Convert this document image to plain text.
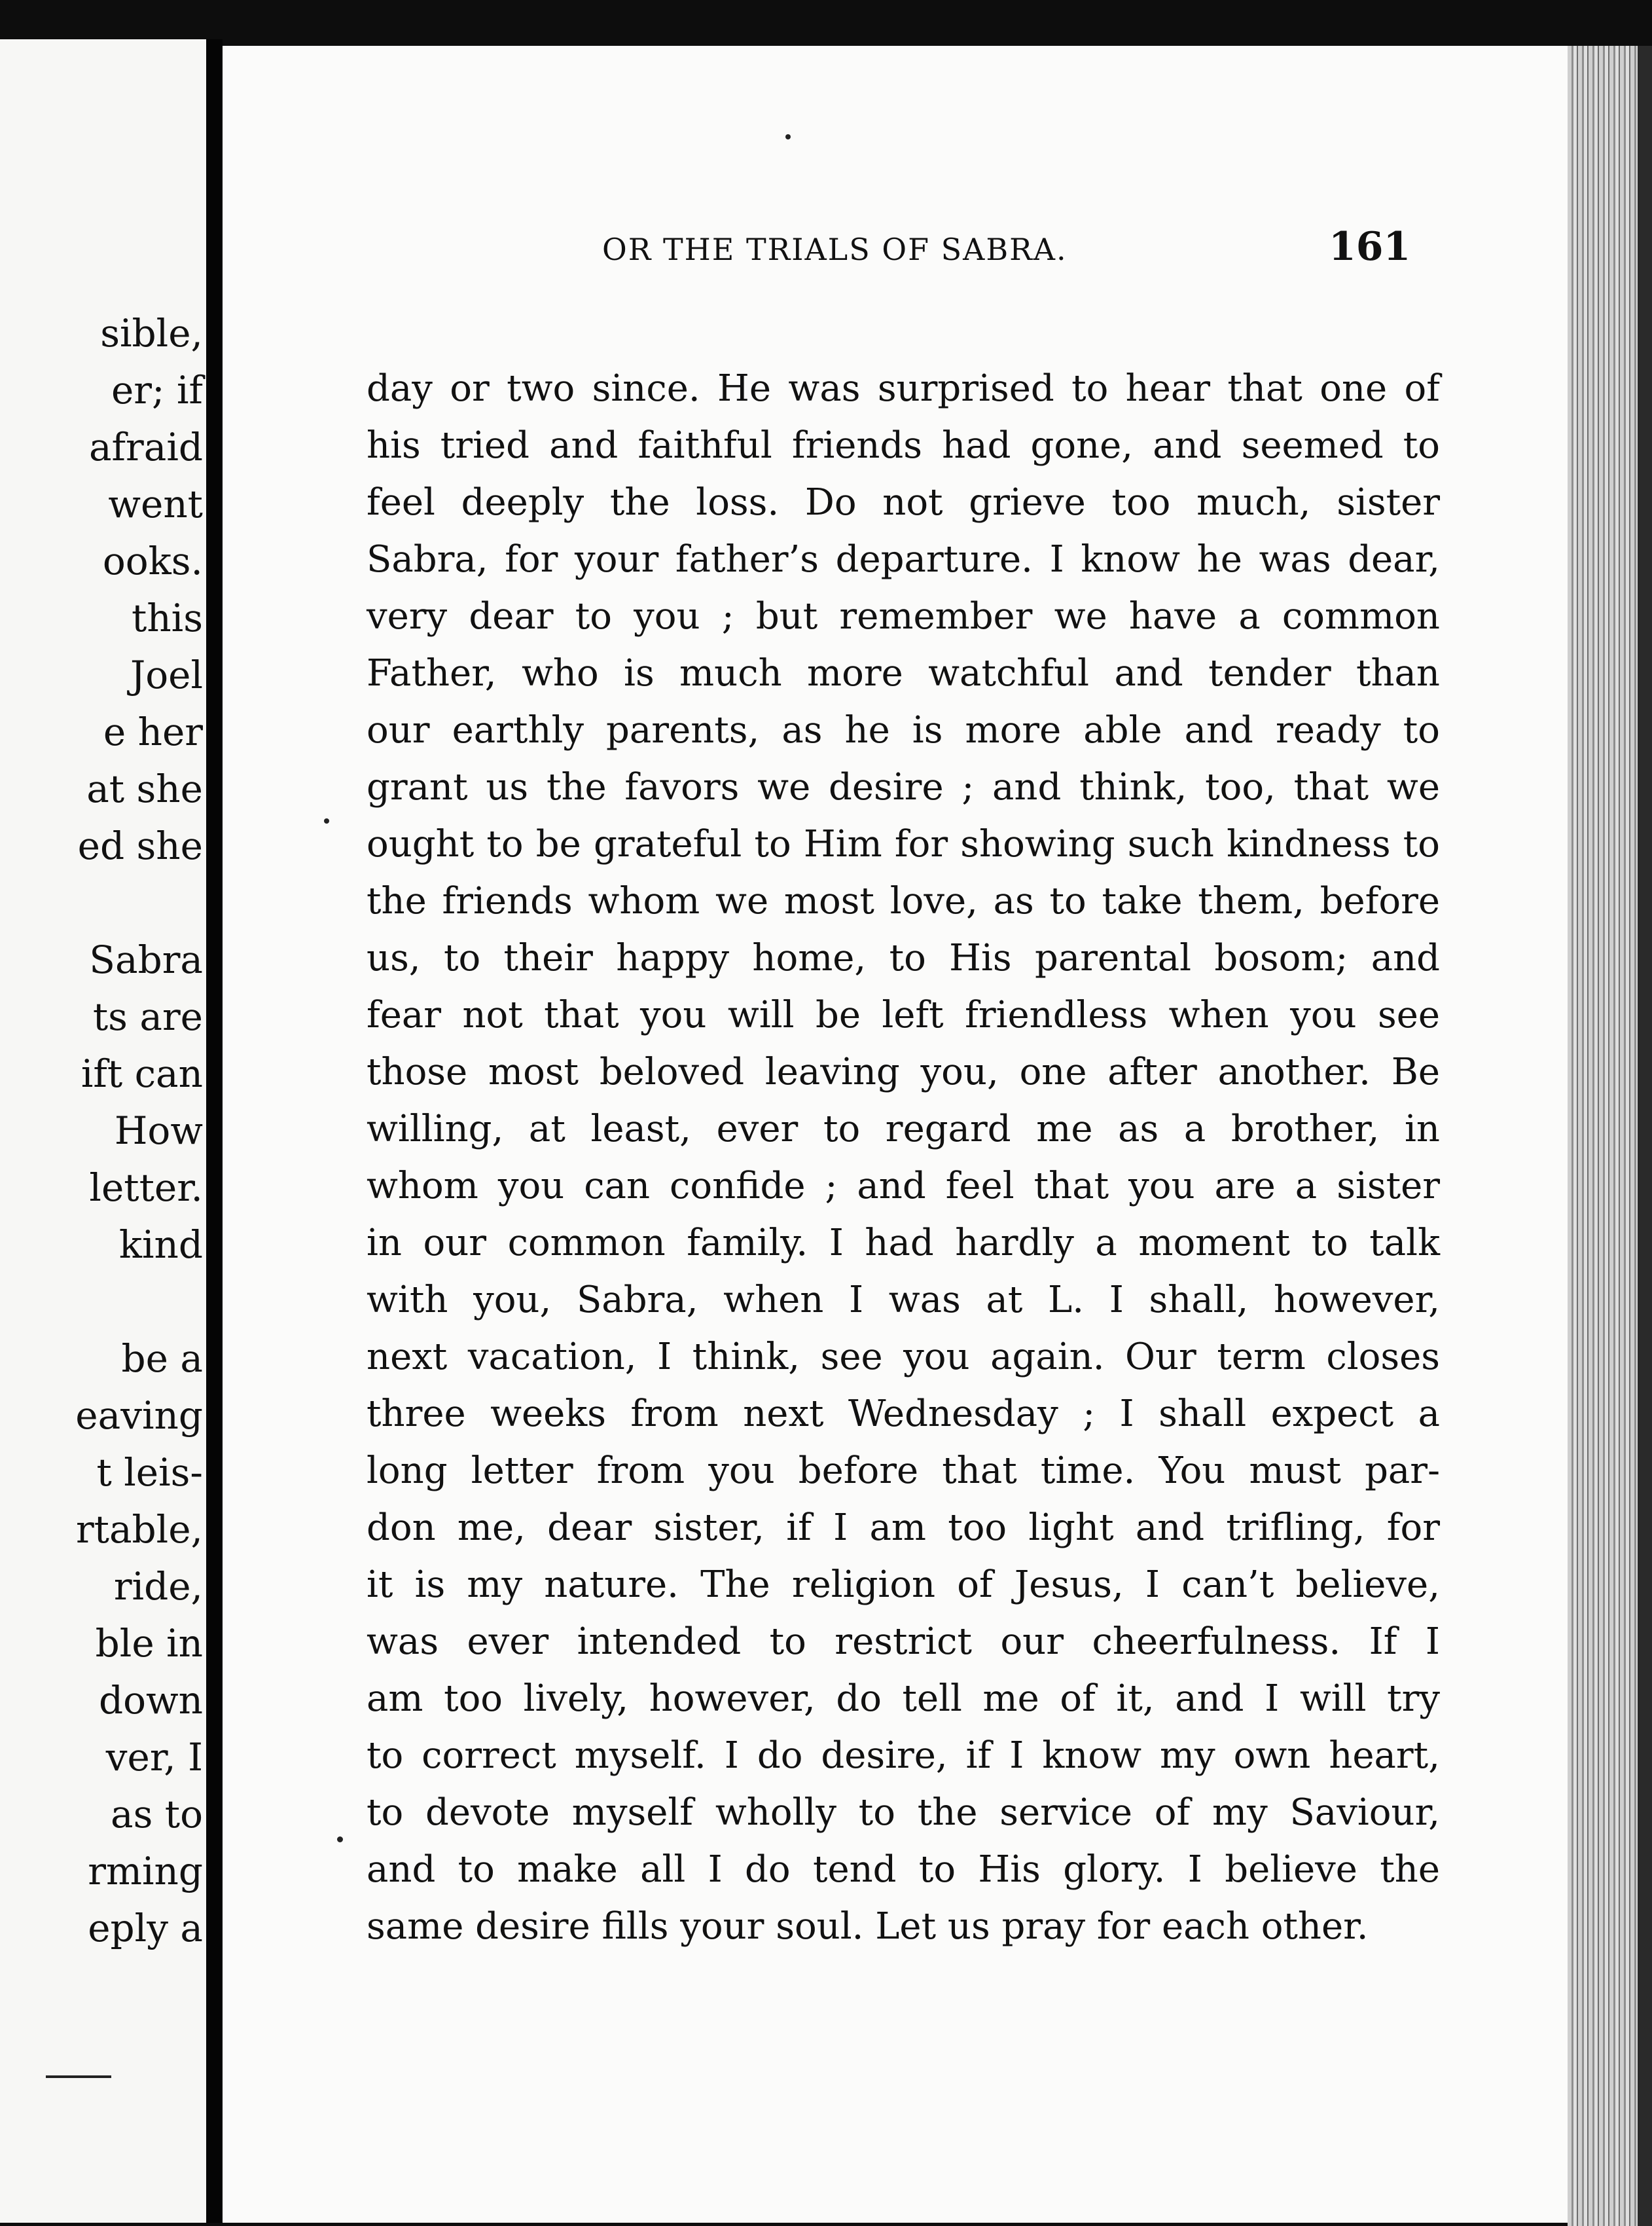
sible,
er; if
afraid
went
ooks.
this
Joel
e her
at she
ed she
Sabra
ts are
ift can
How
letter.
kind
be a
eaving
t leis-
rtable,
ride,
ble in
down
ver, I
as to
rming
eply a
OR THE TRIALS OF SABRA.	161
day or two since. He was surprised to hear that one of
his tried and faithful friends had gone, and seemed to
feel deeply the loss. Do not grieve too much, sister
Sabra, for your father’s departure. I know he was dear,
very dear to you ; but remember we have a common
Father, who is much more watchful and tender than
our earthly parents, as he is more able and ready to
grant us the favors we desire ; and think, too, that we
ought to be grateful to Him for showing such kindness to
the friends whom we most love, as to take them, before
us, to their happy home, to His parental bosom; and
fear not that you will be left friendless when you see
those most beloved leaving you, one after another. Be
willing, at least, ever to regard me as a brother, in
whom you can confide ; and feel that you are a sister
in our common family. I had hardly a moment to talk
with you, Sabra, when I was at L. I shall, however,
next vacation, I think, see you again. Our term closes
three weeks from next Wednesday ; I shall expect a
long letter from you before that time. You must par-
don me, dear sister, if I am too light and trifling, for
it is my nature. The religion of Jesus, I can’t believe,
was ever intended to restrict our cheerfulness. If I
am too lively, however, do tell me of it, and I will try
to correct myself. I do desire, if I know my own heart,
to devote myself wholly to the service of my Saviour,
and to make all I do tend to His glory. I believe the
same desire fills your soul. Let us pray for each other.
